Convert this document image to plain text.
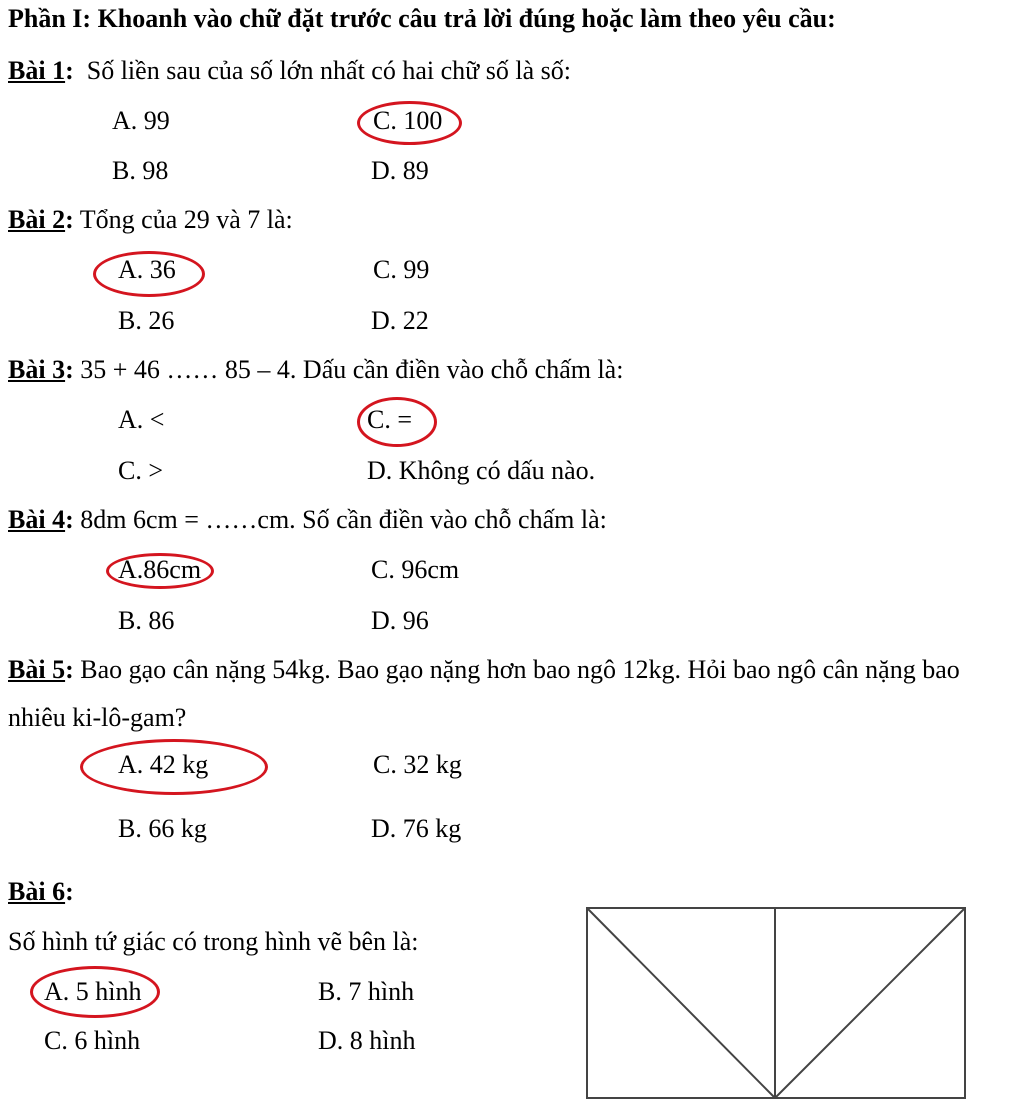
Phần I: Khoanh vào chữ đặt trước câu trả lời đúng hoặc làm theo yêu cầu:
Bài 1:  Số liền sau của số lớn nhất có hai chữ số là số:
A. 99	C. 100
B. 98	D. 89
Bài 2: Tổng của 29 và 7 là:
A. 36	C. 99
B. 26	D. 22
Bài 3: 35 + 46 …… 85 – 4. Dấu cần điền vào chỗ chấm là:
A. <	C. =
C. >	D. Không có dấu nào.
Bài 4: 8dm 6cm = ……cm. Số cần điền vào chỗ chấm là:
A.86cm	C. 96cm
B. 86	D. 96
Bài 5: Bao gạo cân nặng 54kg. Bao gạo nặng hơn bao ngô 12kg. Hỏi bao ngô cân nặng bao
nhiêu ki-lô-gam?
A. 42 kg	C. 32 kg
B. 66 kg	D. 76 kg
Bài 6:
Số hình tứ giác có trong hình vẽ bên là:
A. 5 hình	B. 7 hình
C. 6 hình	D. 8 hình
